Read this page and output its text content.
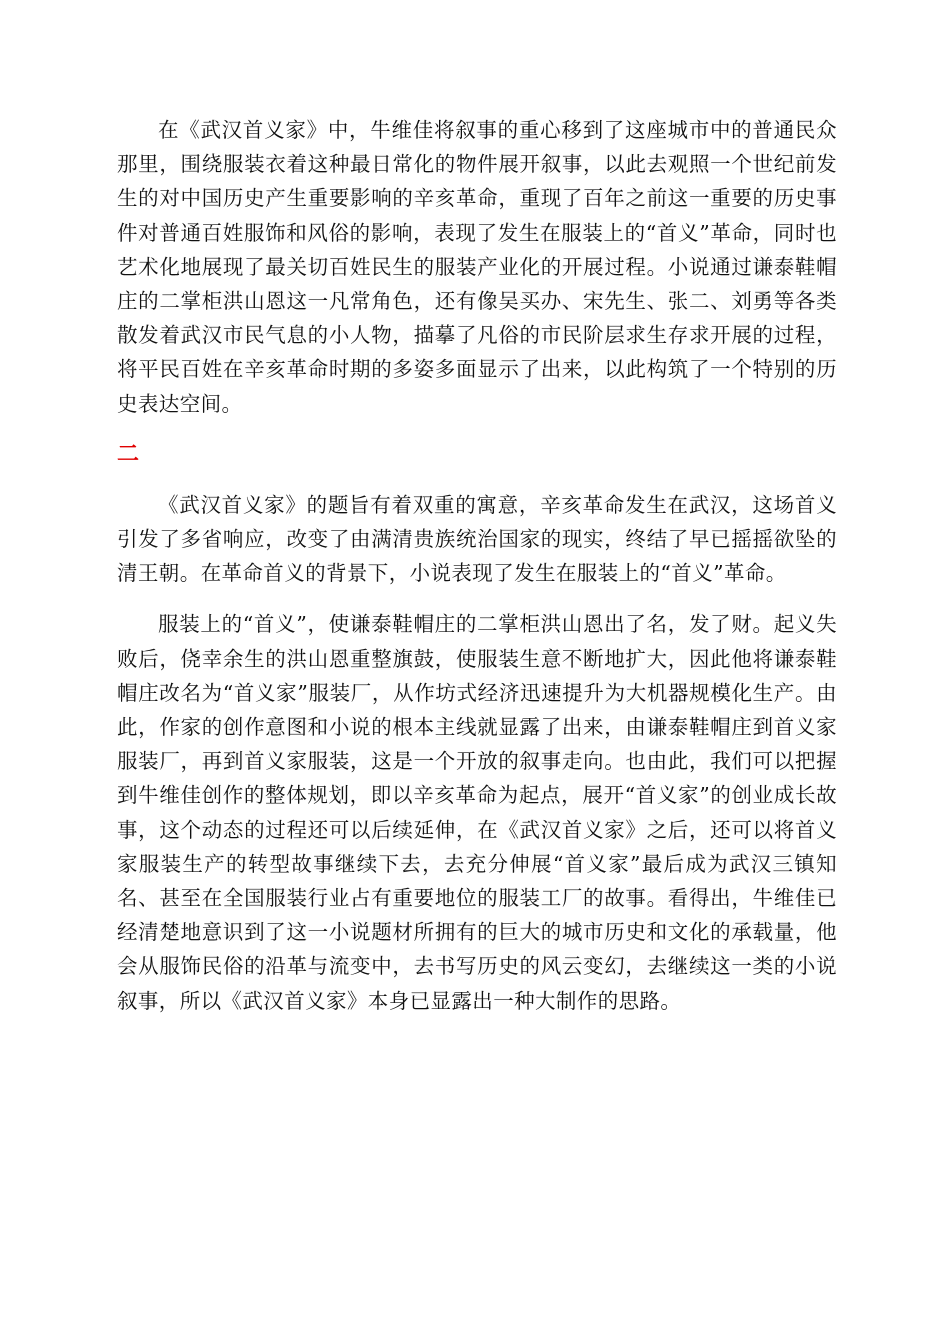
在《武汉首义家》中，牛维佳将叙事的重心移到了这座城市中的普通民众那里，围绕服装衣着这种最日常化的物件展开叙事，以此去观照一个世纪前发生的对中国历史产生重要影响的辛亥革命，重现了百年之前这一重要的历史事件对普通百姓服饰和风俗的影响，表现了发生在服装上的“首义”革命，同时也艺术化地展现了最关切百姓民生的服装产业化的开展过程。小说通过谦泰鞋帽庄的二掌柜洪山恩这一凡常角色，还有像吴买办、宋先生、张二、刘勇等各类散发着武汉市民气息的小人物，描摹了凡俗的市民阶层求生存求开展的过程，将平民百姓在辛亥革命时期的多姿多面显示了出来，以此构筑了一个特别的历史表达空间。

二

《武汉首义家》的题旨有着双重的寓意，辛亥革命发生在武汉，这场首义引发了多省响应，改变了由满清贵族统治国家的现实，终结了早已摇摇欲坠的清王朝。在革命首义的背景下，小说表现了发生在服装上的“首义”革命。

服装上的“首义”，使谦泰鞋帽庄的二掌柜洪山恩出了名，发了财。起义失败后，侥幸余生的洪山恩重整旗鼓，使服装生意不断地扩大，因此他将谦泰鞋帽庄改名为“首义家”服装厂，从作坊式经济迅速提升为大机器规模化生产。由此，作家的创作意图和小说的根本主线就显露了出来，由谦泰鞋帽庄到首义家服装厂，再到首义家服装，这是一个开放的叙事走向。也由此，我们可以把握到牛维佳创作的整体规划，即以辛亥革命为起点，展开“首义家”的创业成长故事，这个动态的过程还可以后续延伸，在《武汉首义家》之后，还可以将首义家服装生产的转型故事继续下去，去充分伸展“首义家”最后成为武汉三镇知名、甚至在全国服装行业占有重要地位的服装工厂的故事。看得出，牛维佳已经清楚地意识到了这一小说题材所拥有的巨大的城市历史和文化的承载量，他会从服饰民俗的沿革与流变中，去书写历史的风云变幻，去继续这一类的小说叙事，所以《武汉首义家》本身已显露出一种大制作的思路。
